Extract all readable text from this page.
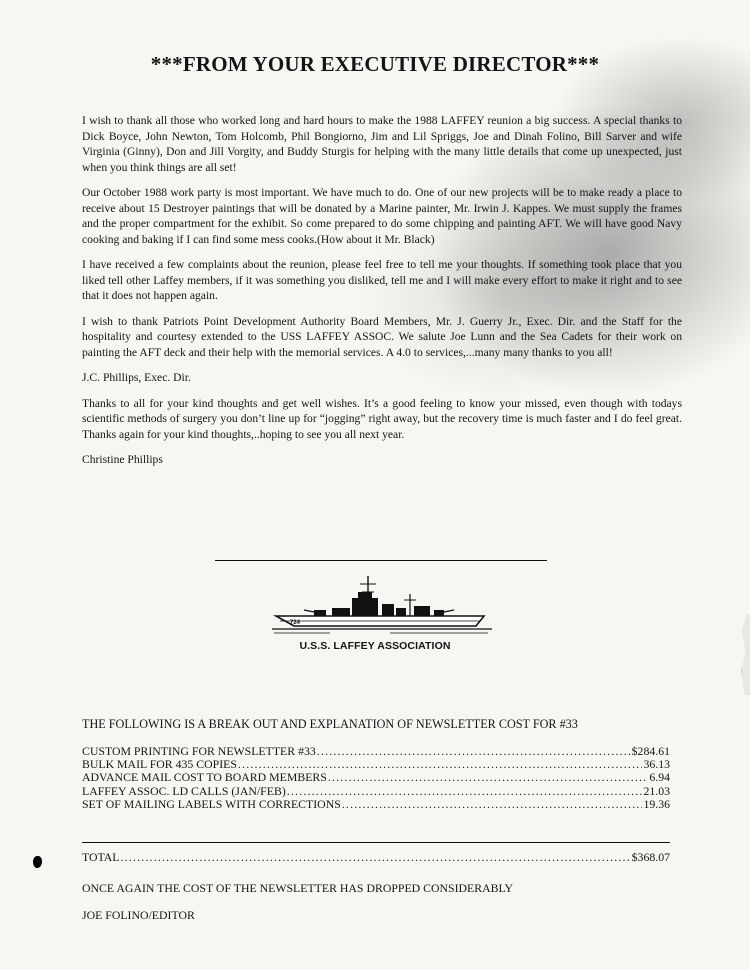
***FROM YOUR EXECUTIVE DIRECTOR***

I wish to thank all those who worked long and hard hours to make the 1988 LAFFEY reunion a big success. A special thanks to Dick Boyce, John Newton, Tom Holcomb, Phil Bongiorno, Jim and Lil Spriggs, Joe and Dinah Folino, Bill Sarver and wife Virginia (Ginny), Don and Jill Vorgity, and Buddy Sturgis for helping with the many little details that come up unexpected, just when you think things are all set!

Our October 1988 work party is most important. We have much to do. One of our new projects will be to make ready a place to receive about 15 Destroyer paintings that will be donated by a Marine painter, Mr. Irwin J. Kappes. We must supply the frames and the proper compartment for the exhibit. So come prepared to do some chipping and painting AFT. We will have good Navy cooking and baking if I can find some mess cooks.(How about it Mr. Black)

I have received a few complaints about the reunion, please feel free to tell me your thoughts. If something took place that you liked tell other Laffey members, if it was something you disliked, tell me and I will make every effort to make it right and to see that it does not happen again.

I wish to thank Patriots Point Development Authority Board Members, Mr. J. Guerry Jr., Exec. Dir. and the Staff for the hospitality and courtesy extended to the USS LAFFEY ASSOC. We salute Joe Lunn and the Sea Cadets for their work on painting the AFT deck and their help with the memorial services. A 4.0 to services,...many many thanks to you all!

J.C. Phillips, Exec. Dir.

Thanks to all for your kind thoughts and get well wishes. It’s a good feeling to know your missed, even though with todays scientific methods of surgery you don’t line up for “jogging” right away, but the recovery time is much faster and I do feel great. Thanks again for your kind thoughts,..hoping to see you all next year.

Christine Phillips
724
U.S.S. LAFFEY ASSOCIATION
THE FOLLOWING IS A BREAK OUT AND EXPLANATION OF NEWSLETTER COST FOR #33
CUSTOM PRINTING FOR NEWSLETTER #33 .....	$284.61
BULK MAIL FOR 435 COPIES .....	36.13
ADVANCE MAIL COST TO BOARD MEMBERS .....	6.94
LAFFEY ASSOC. LD CALLS (JAN/FEB) .....	21.03
SET OF MAILING LABELS WITH CORRECTIONS .....	19.36
TOTAL .....	$368.07
ONCE AGAIN THE COST OF THE NEWSLETTER HAS DROPPED CONSIDERABLY
JOE FOLINO/EDITOR
